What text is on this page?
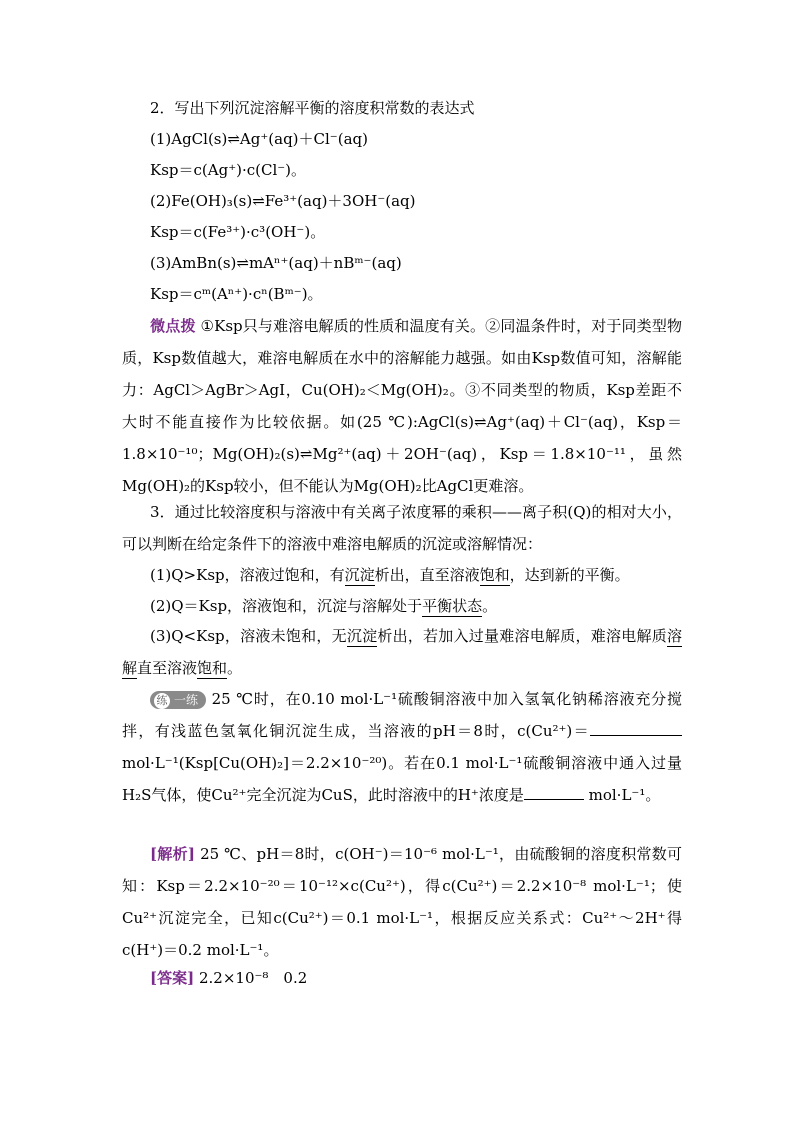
2．写出下列沉淀溶解平衡的溶度积常数的表达式
(1)AgCl(s)⇌Ag⁺(aq)＋Cl⁻(aq)
Ksp＝c(Ag⁺)·c(Cl⁻)。
(2)Fe(OH)₃(s)⇌Fe³⁺(aq)＋3OH⁻(aq)
Ksp＝c(Fe³⁺)·c³(OH⁻)。
(3)AmBn(s)⇌mAⁿ⁺(aq)＋nBᵐ⁻(aq)
Ksp＝cᵐ(Aⁿ⁺)·cⁿ(Bᵐ⁻)。
微点拨 ①Ksp只与难溶电解质的性质和温度有关。②同温条件时，对于同类型物质，Ksp数值越大，难溶电解质在水中的溶解能力越强。如由Ksp数值可知，溶解能力：AgCl＞AgBr＞AgI，Cu(OH)₂＜Mg(OH)₂。③不同类型的物质，Ksp差距不大时不能直接作为比较依据。如(25 ℃):AgCl(s)⇌Ag⁺(aq)＋Cl⁻(aq)，Ksp＝1.8×10⁻¹⁰；Mg(OH)₂(s)⇌Mg²⁺(aq)＋2OH⁻(aq)，Ksp＝1.8×10⁻¹¹，虽然Mg(OH)₂的Ksp较小，但不能认为Mg(OH)₂比AgCl更难溶。
3．通过比较溶度积与溶液中有关离子浓度幂的乘积——离子积(Q)的相对大小，可以判断在给定条件下的溶液中难溶电解质的沉淀或溶解情况：
(1)Q>Ksp，溶液过饱和，有沉淀析出，直至溶液饱和，达到新的平衡。
(2)Q＝Ksp，溶液饱和，沉淀与溶解处于平衡状态。
(3)Q<Ksp，溶液未饱和，无沉淀析出，若加入过量难溶电解质，难溶电解质溶解直至溶液饱和。
练 一练 25 ℃时，在0.10 mol·L⁻¹硫酸铜溶液中加入氢氧化钠稀溶液充分搅拌，有浅蓝色氢氧化铜沉淀生成，当溶液的pH＝8时，c(Cu²⁺)＝mol·L⁻¹(Ksp[Cu(OH)₂]＝2.2×10⁻²⁰)。若在0.1 mol·L⁻¹硫酸铜溶液中通入过量H₂S气体，使Cu²⁺完全沉淀为CuS，此时溶液中的H⁺浓度是	mol·L⁻¹。
[解析] 25 ℃、pH＝8时，c(OH⁻)＝10⁻⁶ mol·L⁻¹，由硫酸铜的溶度积常数可知：Ksp＝2.2×10⁻²⁰＝10⁻¹²×c(Cu²⁺)，得c(Cu²⁺)＝2.2×10⁻⁸ mol·L⁻¹；使Cu²⁺沉淀完全，已知c(Cu²⁺)＝0.1 mol·L⁻¹，根据反应关系式：Cu²⁺～2H⁺得c(H⁺)＝0.2 mol·L⁻¹。
[答案] 2.2×10⁻⁸　0.2
